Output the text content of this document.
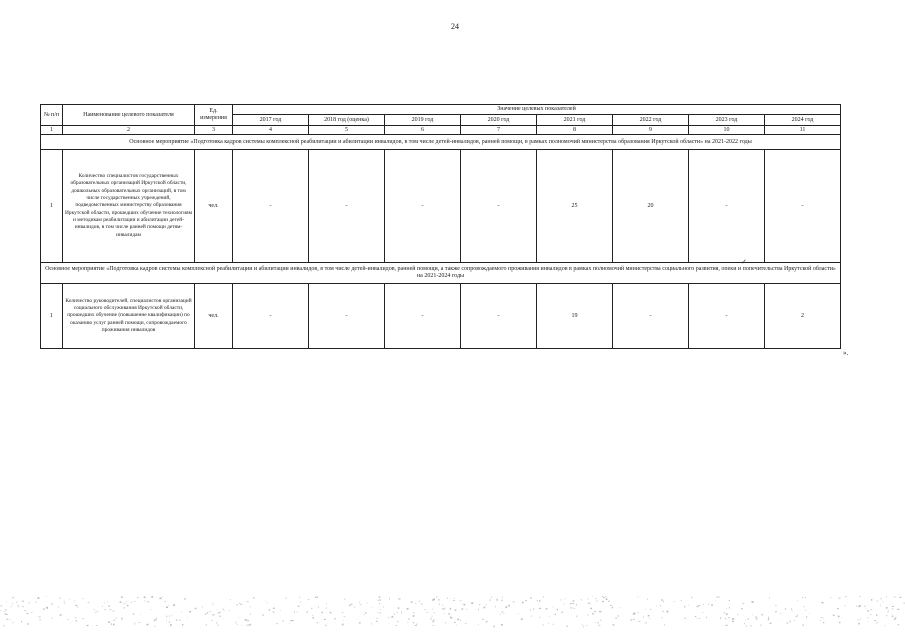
24
№ п/п	Наименование целевого показателя	Ед. измерения	Значение целевых показателей							
			2017 год	2018 год (оценка)	2019 год	2020 год	2021 год	2022 год	2023 год	2024 год
1	2	3	4	5	6	7	8	9	10	11
Основное мероприятие «Подготовка кадров системы комплексной реабилитации и абилитации инвалидов, в том числе детей-инвалидов, ранней помощи, в рамках полномочий министерства образования Иркутской области» на 2021-2022 годы										
1	Количество специалистов государственных образовательных организаций Иркутской области, дошкольных образовательных организаций, в том числе государственных учреждений, подведомственных министерству образования Иркутской области, прошедших обучение технологиям и методикам реабилитации и абилитации детей-инвалидов, в том числе ранней помощи детям-инвалидам	чел.	-	-	-	-	25	20	-	-
Основное мероприятие «Подготовка кадров системы комплексной реабилитации и абилитации инвалидов, в том числе детей-инвалидов, ранней помощи, а также сопровождаемого проживания инвалидов в рамках полномочий министерства социального развития, опеки и попечительства Иркутской области» на 2021-2024 годы										
1	Количество руководителей, специалистов организаций социального обслуживания Иркутской области, прошедших обучение (повышение квалификации) по оказанию услуг ранней помощи, сопровождаемого проживания инвалидов	чел.	-	-	-	-	19	-	-	2
✓
».
